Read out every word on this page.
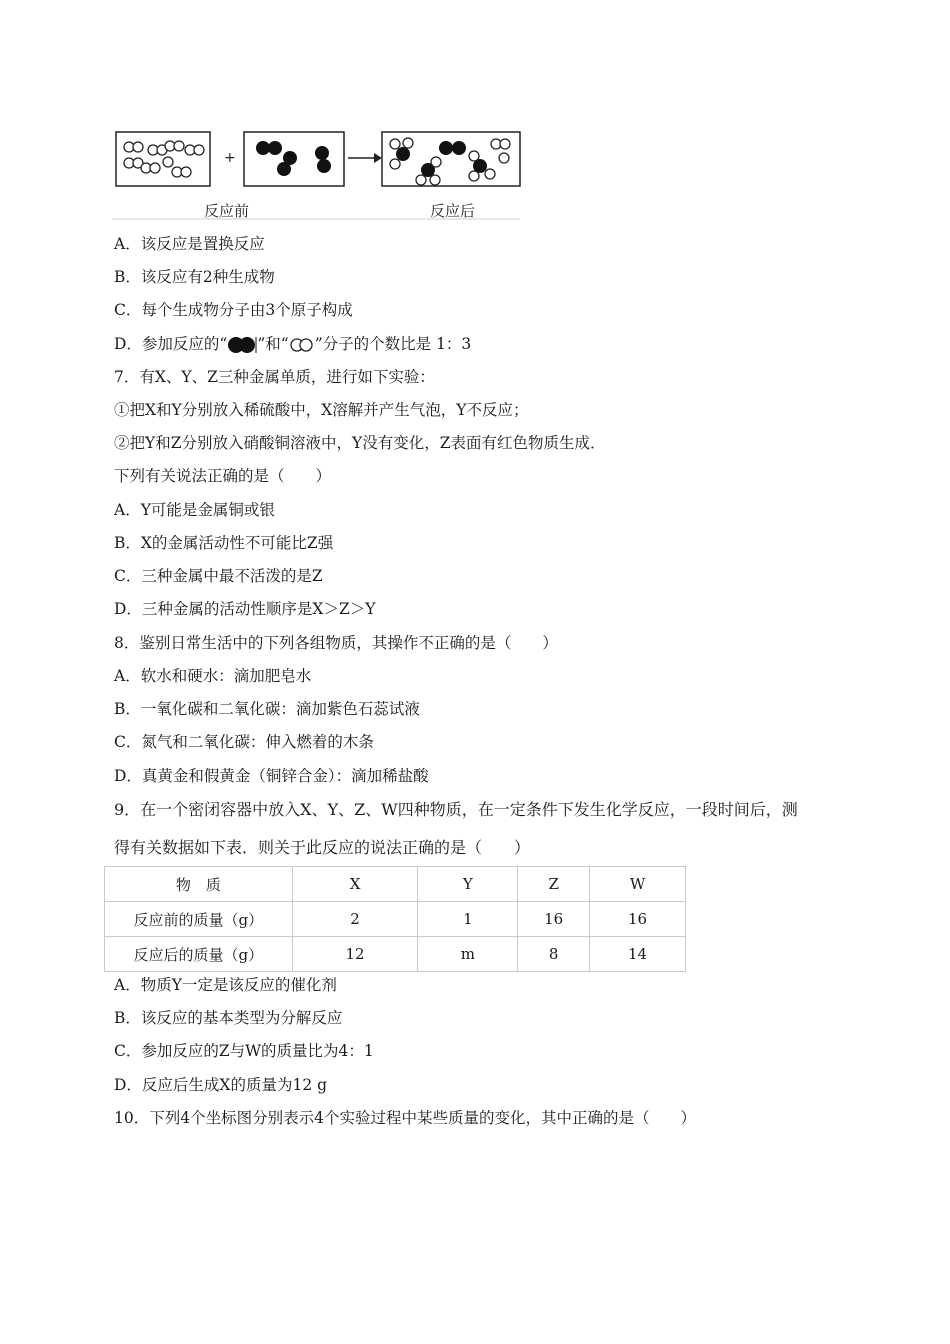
+
反应前	反应后
A．该反应是置换反应
B．该反应有2种生成物
C．每个生成物分子由3个原子构成
D．参加反应的“ ”和“ ”分子的个数比是 1：3
7．有X、Y、Z三种金属单质，进行如下实验：
①把X和Y分别放入稀硫酸中，X溶解并产生气泡，Y不反应；
②把Y和Z分别放入硝酸铜溶液中，Y没有变化，Z表面有红色物质生成．
下列有关说法正确的是（　　）
A．Y可能是金属铜或银
B．X的金属活动性不可能比Z强
C．三种金属中最不活泼的是Z
D．三种金属的活动性顺序是X＞Z＞Y
8．鉴别日常生活中的下列各组物质，其操作不正确的是（　　）
A．软水和硬水：滴加肥皂水
B．一氧化碳和二氧化碳：滴加紫色石蕊试液
C．氮气和二氧化碳：伸入燃着的木条
D．真黄金和假黄金（铜锌合金）：滴加稀盐酸
9．在一个密闭容器中放入X、Y、Z、W四种物质，在一定条件下发生化学反应，一段时间后，测
得有关数据如下表．则关于此反应的说法正确的是（　　）
物　质	X	Y	Z	W
反应前的质量（g）	2	1	16	16
反应后的质量（g）	12	m	8	14
A．物质Y一定是该反应的催化剂
B．该反应的基本类型为分解反应
C．参加反应的Z与W的质量比为4：1
D．反应后生成X的质量为12 g
10．下列4个坐标图分别表示4个实验过程中某些质量的变化，其中正确的是（　　）
